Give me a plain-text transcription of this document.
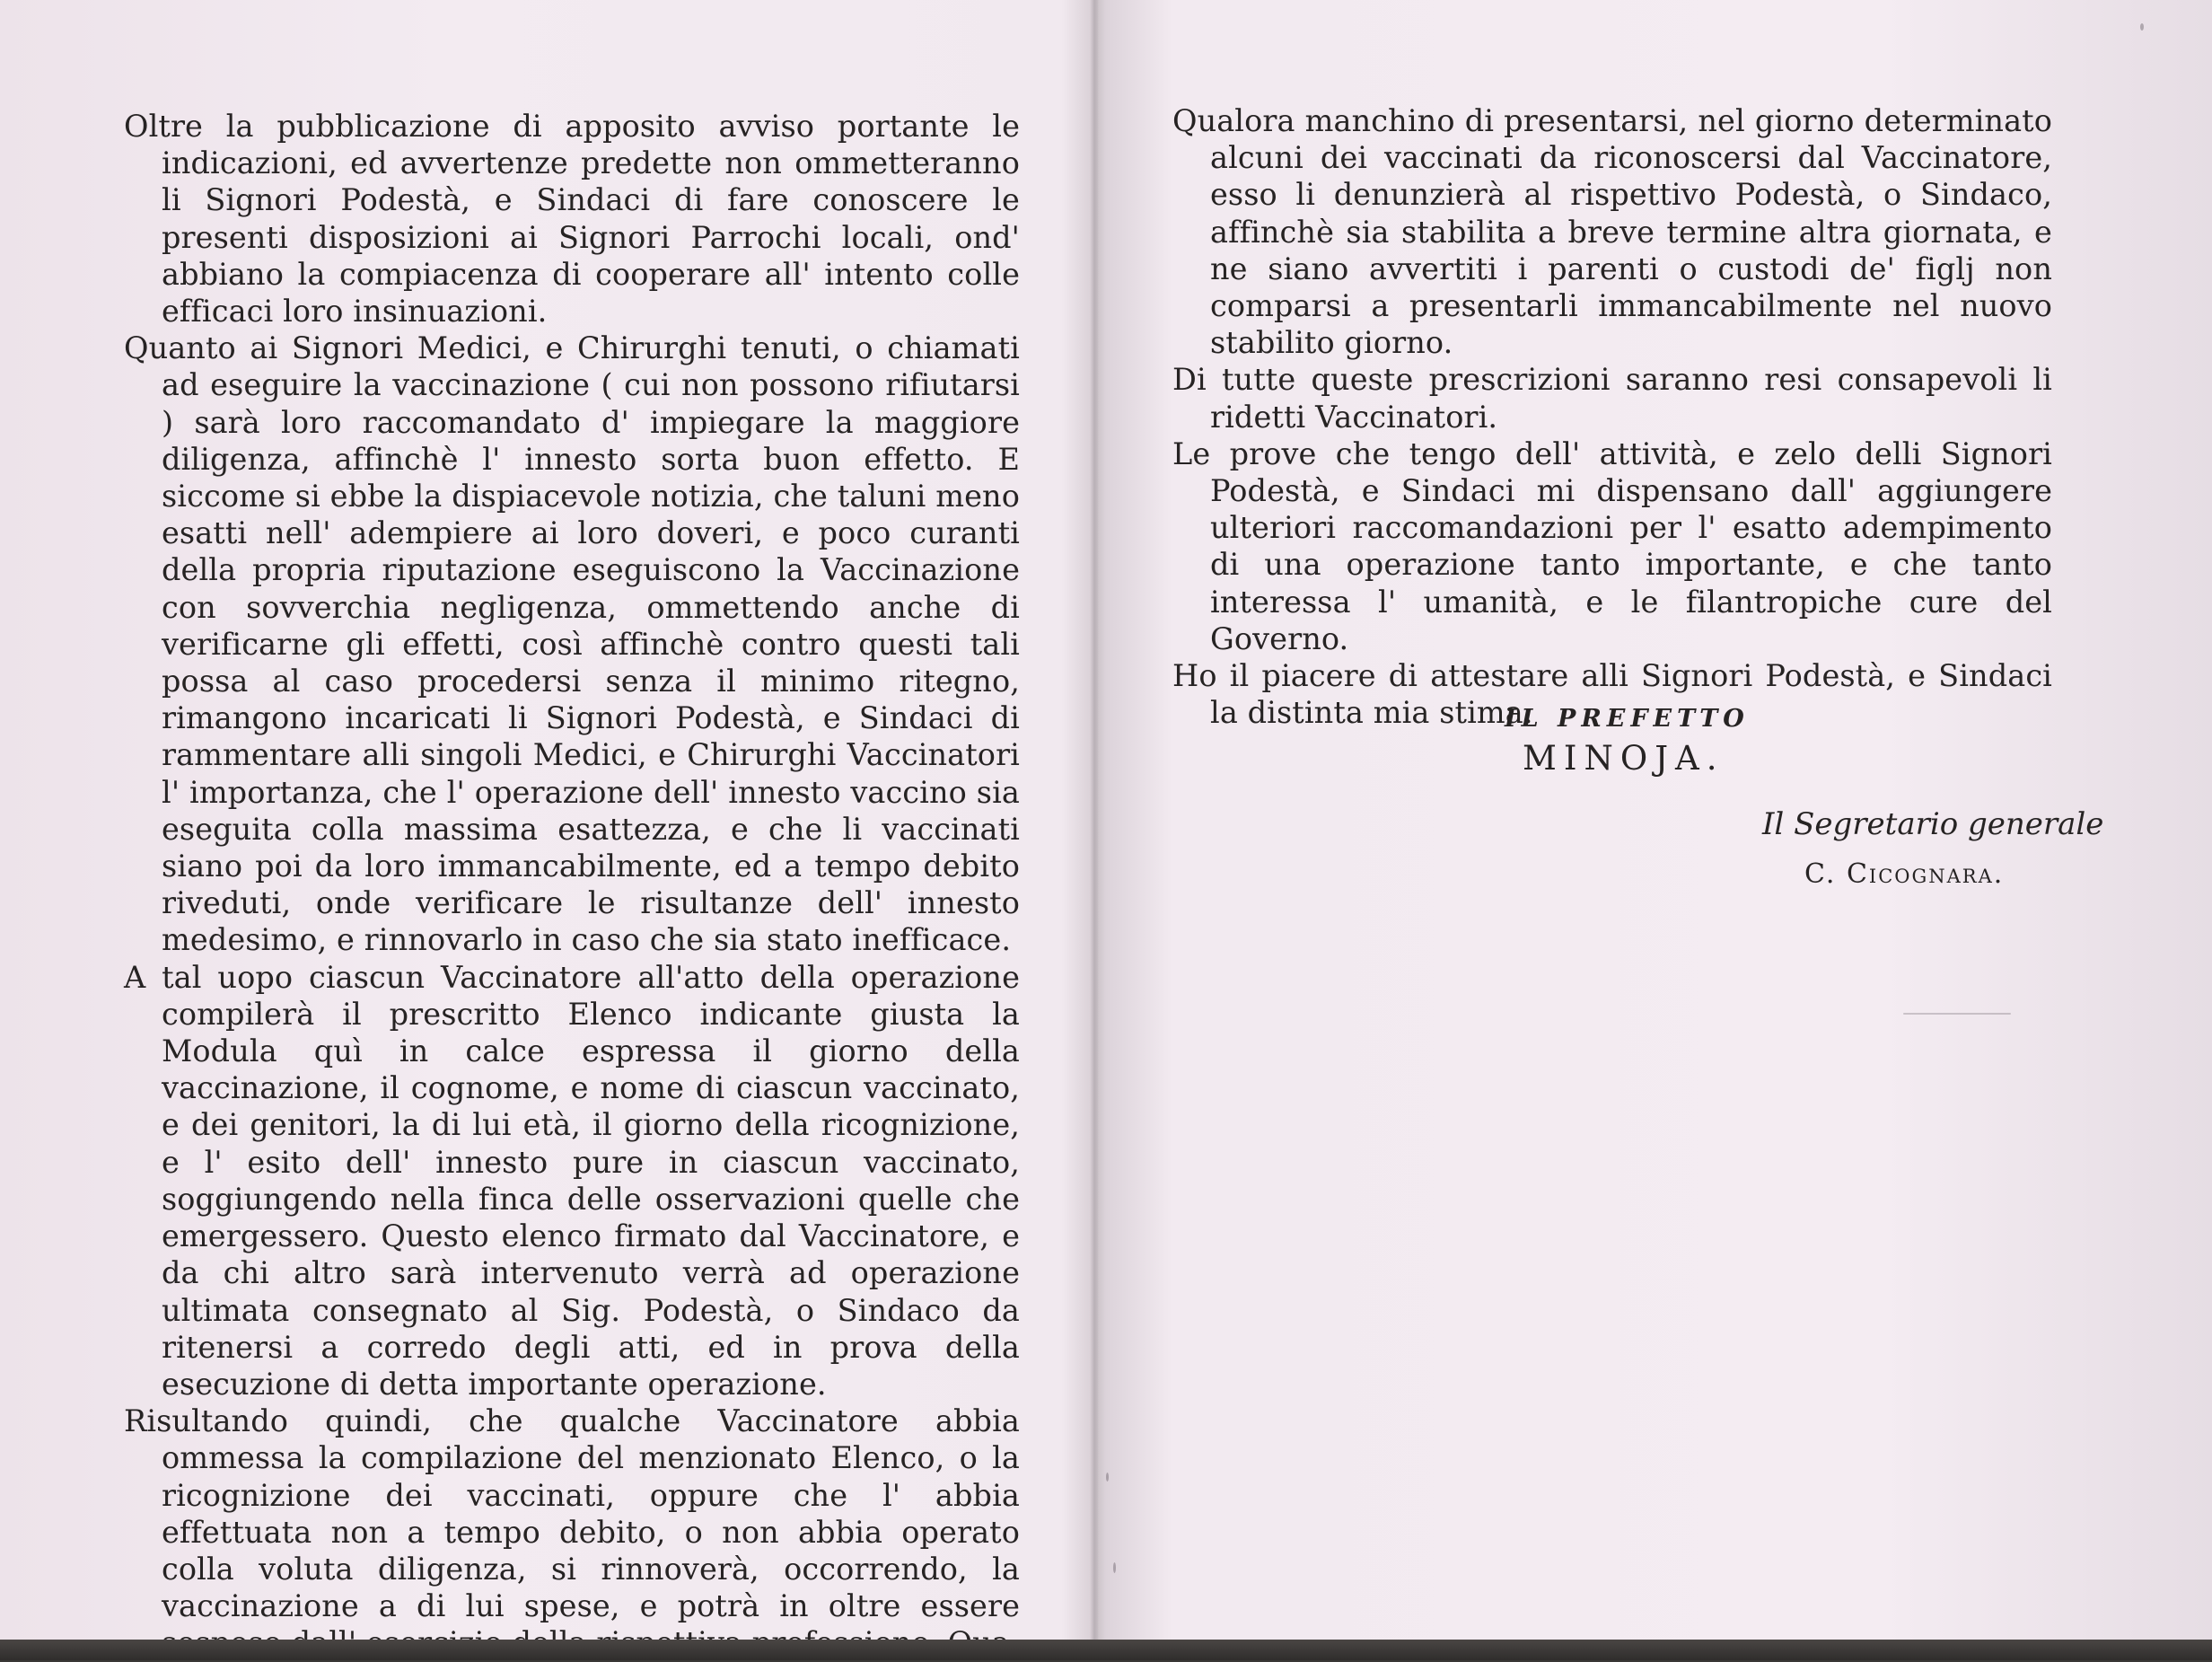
Oltre la pubblicazione di apposito avviso portante le indicazioni, ed avvertenze predette non ommetteranno li Signori Podestà, e Sindaci di fare conoscere le presenti disposizioni ai Signori Parrochi locali, ond' abbiano la compiacenza di cooperare all' intento colle efficaci loro insinuazioni.

Quanto ai Signori Medici, e Chirurghi tenuti, o chiamati ad eseguire la vaccinazione ( cui non possono rifiutarsi ) sarà loro raccomandato d' impiegare la maggiore diligenza, affinchè l' innesto sorta buon effetto. E siccome si ebbe la dispiacevole notizia, che taluni meno esatti nell' adempiere ai loro doveri, e poco curanti della propria riputazione eseguiscono la Vaccinazione con sovverchia negligenza, ommettendo anche di verificarne gli effetti, così affinchè contro questi tali possa al caso procedersi senza il minimo ritegno, rimangono incaricati li Signori Podestà, e Sindaci di rammentare alli singoli Medici, e Chirurghi Vaccinatori l' importanza, che l' operazione dell' innesto vaccino sia eseguita colla massima esattezza, e che li vaccinati siano poi da loro immancabilmente, ed a tempo debito riveduti, onde verificare le risultanze dell' innesto medesimo, e rinnovarlo in caso che sia stato inefficace.

A tal uopo ciascun Vaccinatore all'atto della operazione compilerà il prescritto Elenco indicante giusta la Modula quì in calce espressa il giorno della vaccinazione, il cognome, e nome di ciascun vaccinato, e dei genitori, la di lui età, il giorno della ricognizione, e l' esito dell' innesto pure in ciascun vaccinato, soggiungendo nella finca delle osservazioni quelle che emergessero. Questo elenco firmato dal Vaccinatore, e da chi altro sarà intervenuto verrà ad operazione ultimata consegnato al Sig. Podestà, o Sindaco da ritenersi a corredo degli atti, ed in prova della esecuzione di detta importante operazione.

Risultando quindi, che qualche Vaccinatore abbia ommessa la compilazione del menzionato Elenco, o la ricognizione dei vaccinati, oppure che l' abbia effettuata non a tempo debito, o non abbia operato colla voluta diligenza, si rinnoverà, occorrendo, la vaccinazione a di lui spese, e potrà in oltre essere

Qualora manchino di presentarsi, nel giorno determinato alcuni dei vaccinati da riconoscersi dal Vaccinatore, esso li denunzierà al rispettivo Podestà, o Sindaco, affinchè sia stabilita a breve termine altra giornata, e ne siano avvertiti i parenti o custodi de' figlj non comparsi a presentarli immancabilmente nel nuovo stabilito giorno.

Di tutte queste prescrizioni saranno resi consapevoli li ridetti Vaccinatori.

Le prove che tengo dell' attività, e zelo delli Signori Podestà, e Sindaci mi dispensano dall' aggiungere ulteriori raccomandazioni per l' esatto adempimento di una operazione tanto importante, e che tanto interessa l' umanità, e le filantropiche cure del Governo.

Ho il piacere di attestare alli Signori Podestà, e Sindaci la distinta mia stima.

IL PREFETTO
MINOJA.
Il Segretario generale
C. Cicognara.
